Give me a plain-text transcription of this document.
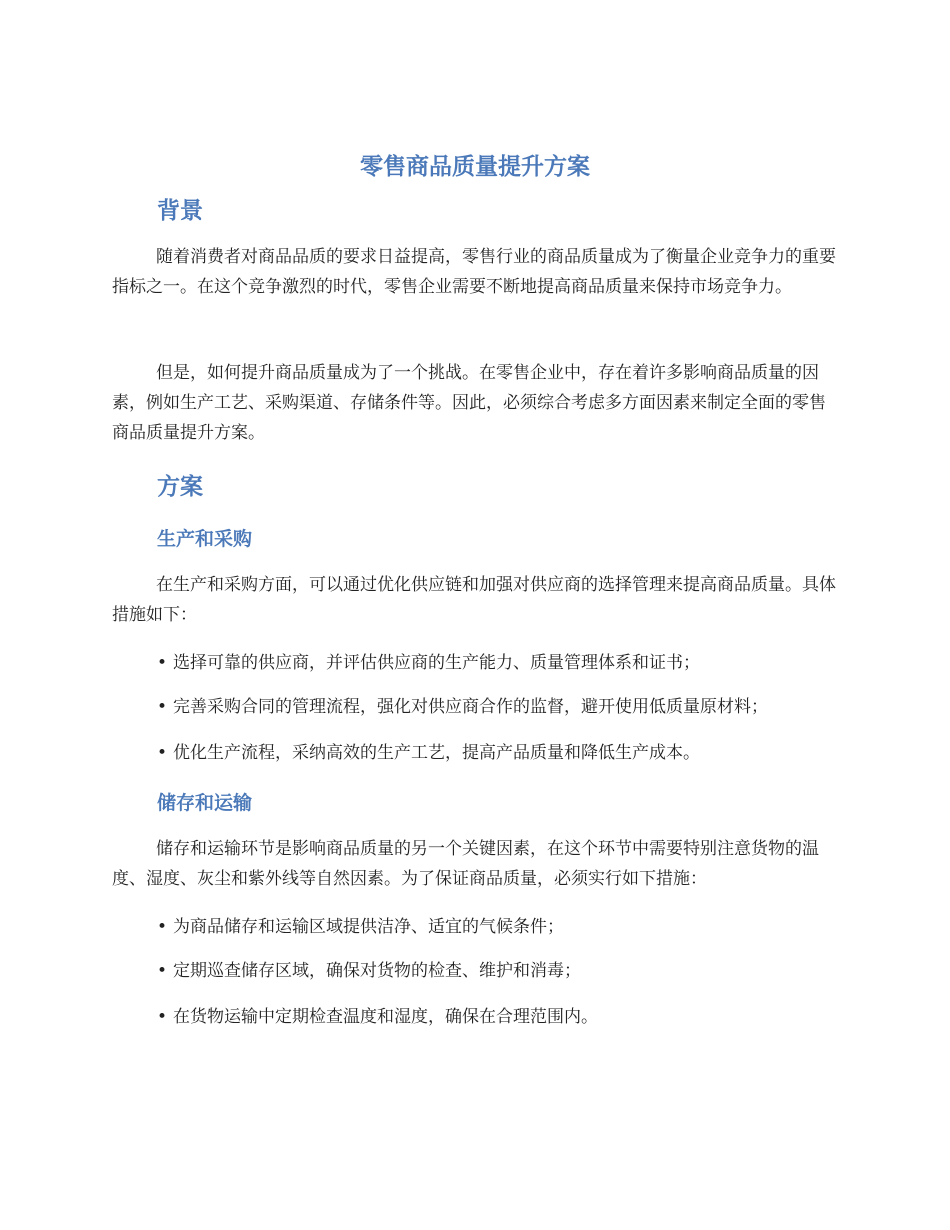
零售商品质量提升方案
背景
随着消费者对商品品质的要求日益提高，零售行业的商品质量成为了衡量企业竞争力的重要指标之一。在这个竞争激烈的时代，零售企业需要不断地提高商品质量来保持市场竞争力。
但是，如何提升商品质量成为了一个挑战。在零售企业中，存在着许多影响商品质量的因素，例如生产工艺、采购渠道、存储条件等。因此，必须综合考虑多方面因素来制定全面的零售商品质量提升方案。
方案
生产和采购
在生产和采购方面，可以通过优化供应链和加强对供应商的选择管理来提高商品质量。具体措施如下：
• 选择可靠的供应商，并评估供应商的生产能力、质量管理体系和证书；
• 完善采购合同的管理流程，强化对供应商合作的监督，避开使用低质量原材料；
• 优化生产流程，采纳高效的生产工艺，提高产品质量和降低生产成本。
储存和运输
储存和运输环节是影响商品质量的另一个关键因素，在这个环节中需要特别注意货物的温度、湿度、灰尘和紫外线等自然因素。为了保证商品质量，必须实行如下措施：
• 为商品储存和运输区域提供洁净、适宜的气候条件；
• 定期巡查储存区域，确保对货物的检查、维护和消毒；
• 在货物运输中定期检查温度和湿度，确保在合理范围内。
